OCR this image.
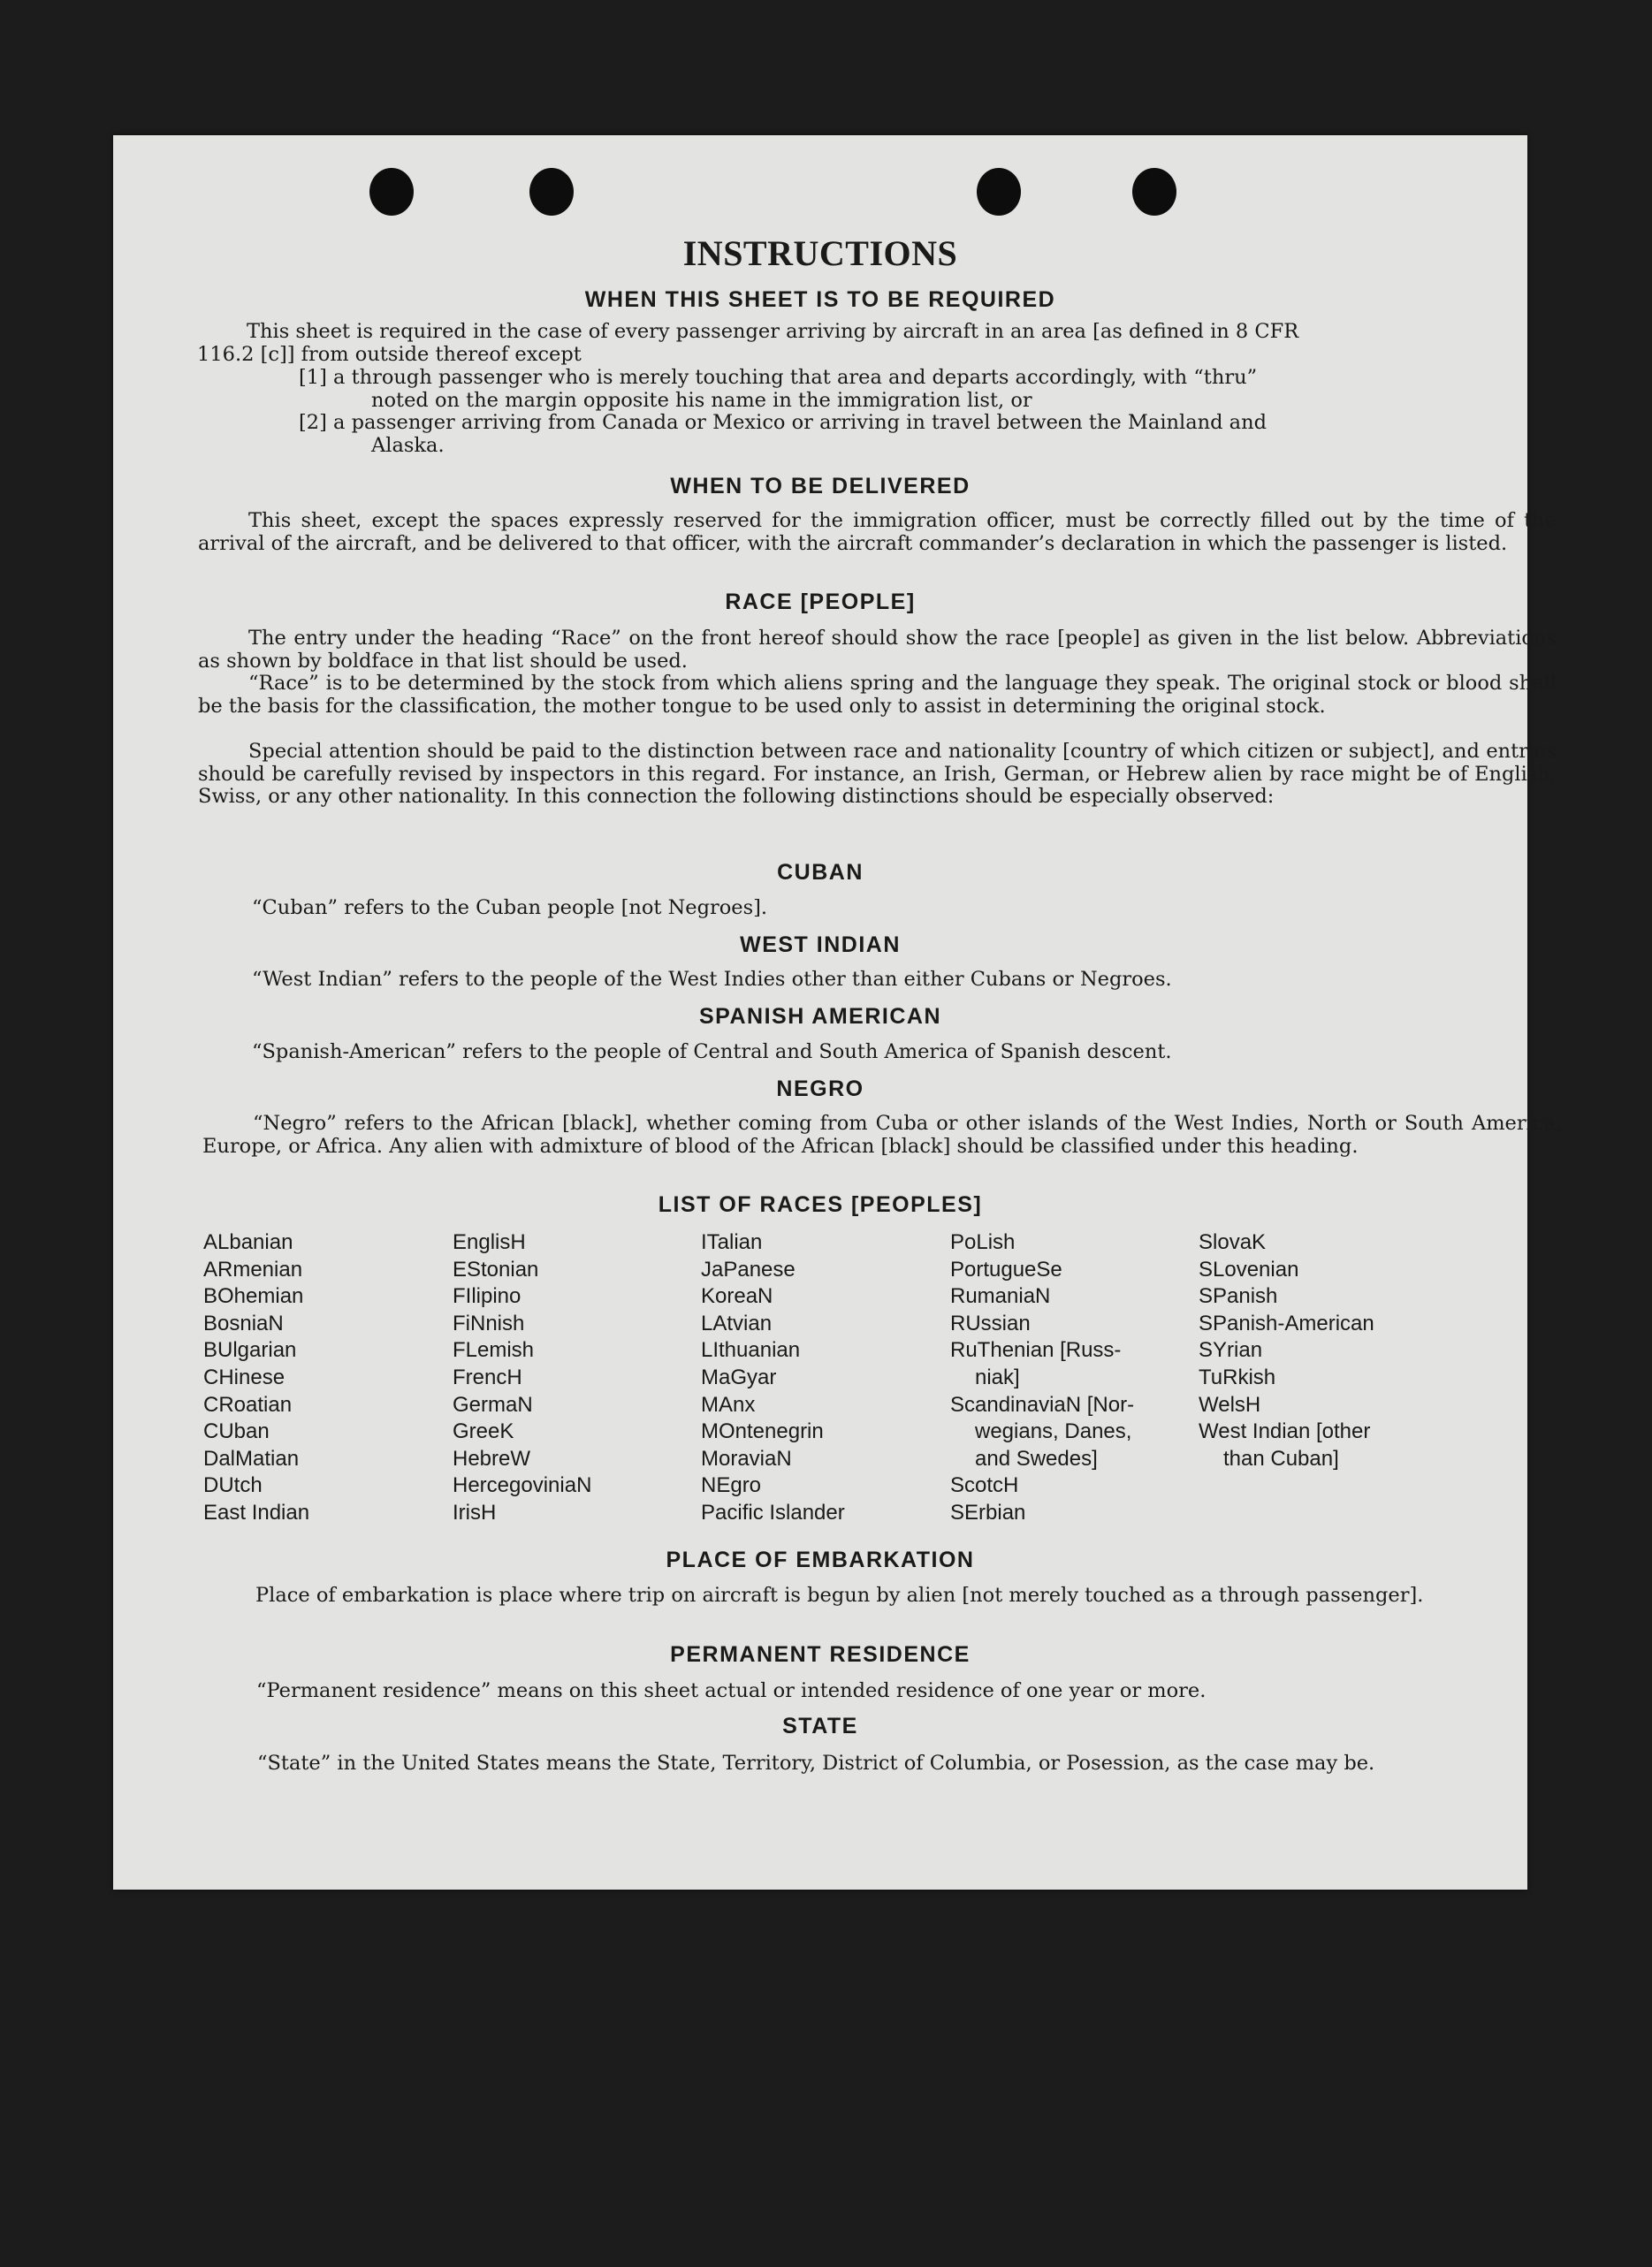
INSTRUCTIONS
WHEN THIS SHEET IS TO BE REQUIRED
This sheet is required in the case of every passenger arriving by aircraft in an area [as defined in 8 CFR
116.2 [c]] from outside thereof except
[1] a through passenger who is merely touching that area and departs accordingly, with “thru”
noted on the margin opposite his name in the immigration list, or
[2] a passenger arriving from Canada or Mexico or arriving in travel between the Mainland and
Alaska.
WHEN TO BE DELIVERED
This sheet, except the spaces expressly reserved for the immigration officer, must be correctly filled out by the time of the arrival of the aircraft, and be delivered to that officer, with the aircraft commander’s declaration in which the passenger is listed.
RACE [PEOPLE]
The entry under the heading “Race” on the front hereof should show the race [people] as given in the list below. Abbreviations as shown by boldface in that list should be used.
“Race” is to be determined by the stock from which aliens spring and the language they speak. The original stock or blood shall be the basis for the classification, the mother tongue to be used only to assist in determining the original stock.
Special attention should be paid to the distinction between race and nationality [country of which citizen or subject], and entries should be carefully revised by inspectors in this regard. For instance, an Irish, German, or Hebrew alien by race might be of English, Swiss, or any other nationality. In this connection the following distinctions should be especially observed:
CUBAN
“Cuban” refers to the Cuban people [not Negroes].
WEST INDIAN
“West Indian” refers to the people of the West Indies other than either Cubans or Negroes.
SPANISH AMERICAN
“Spanish-American” refers to the people of Central and South America of Spanish descent.
NEGRO
“Negro” refers to the African [black], whether coming from Cuba or other islands of the West Indies, North or South America, Europe, or Africa. Any alien with admixture of blood of the African [black] should be classified under this heading.
LIST OF RACES [PEOPLES]
ALbanian
ARmenian
BOhemian
BosniaN
BUlgarian
CHinese
CRoatian
CUban
DalMatian
DUtch
East Indian
EnglisH
EStonian
FIlipino
FiNnish
FLemish
FrencH
GermaN
GreeK
HebreW
HercegoviniaN
IrisH
ITalian
JaPanese
KoreaN
LAtvian
LIthuanian
MaGyar
MAnx
MOntenegrin
MoraviaN
NEgro
Pacific Islander
PoLish
PortugueSe
RumaniaN
RUssian
RuThenian [Russ-
niak]
ScandinaviaN [Nor-
wegians, Danes,
and Swedes]
ScotcH
SErbian
SlovaK
SLovenian
SPanish
SPanish-American
SYrian
TuRkish
WelsH
West Indian [other
than Cuban]
PLACE OF EMBARKATION
Place of embarkation is place where trip on aircraft is begun by alien [not merely touched as a through passenger].
PERMANENT RESIDENCE
“Permanent residence” means on this sheet actual or intended residence of one year or more.
STATE
“State” in the United States means the State, Territory, District of Columbia, or Posession, as the case may be.
